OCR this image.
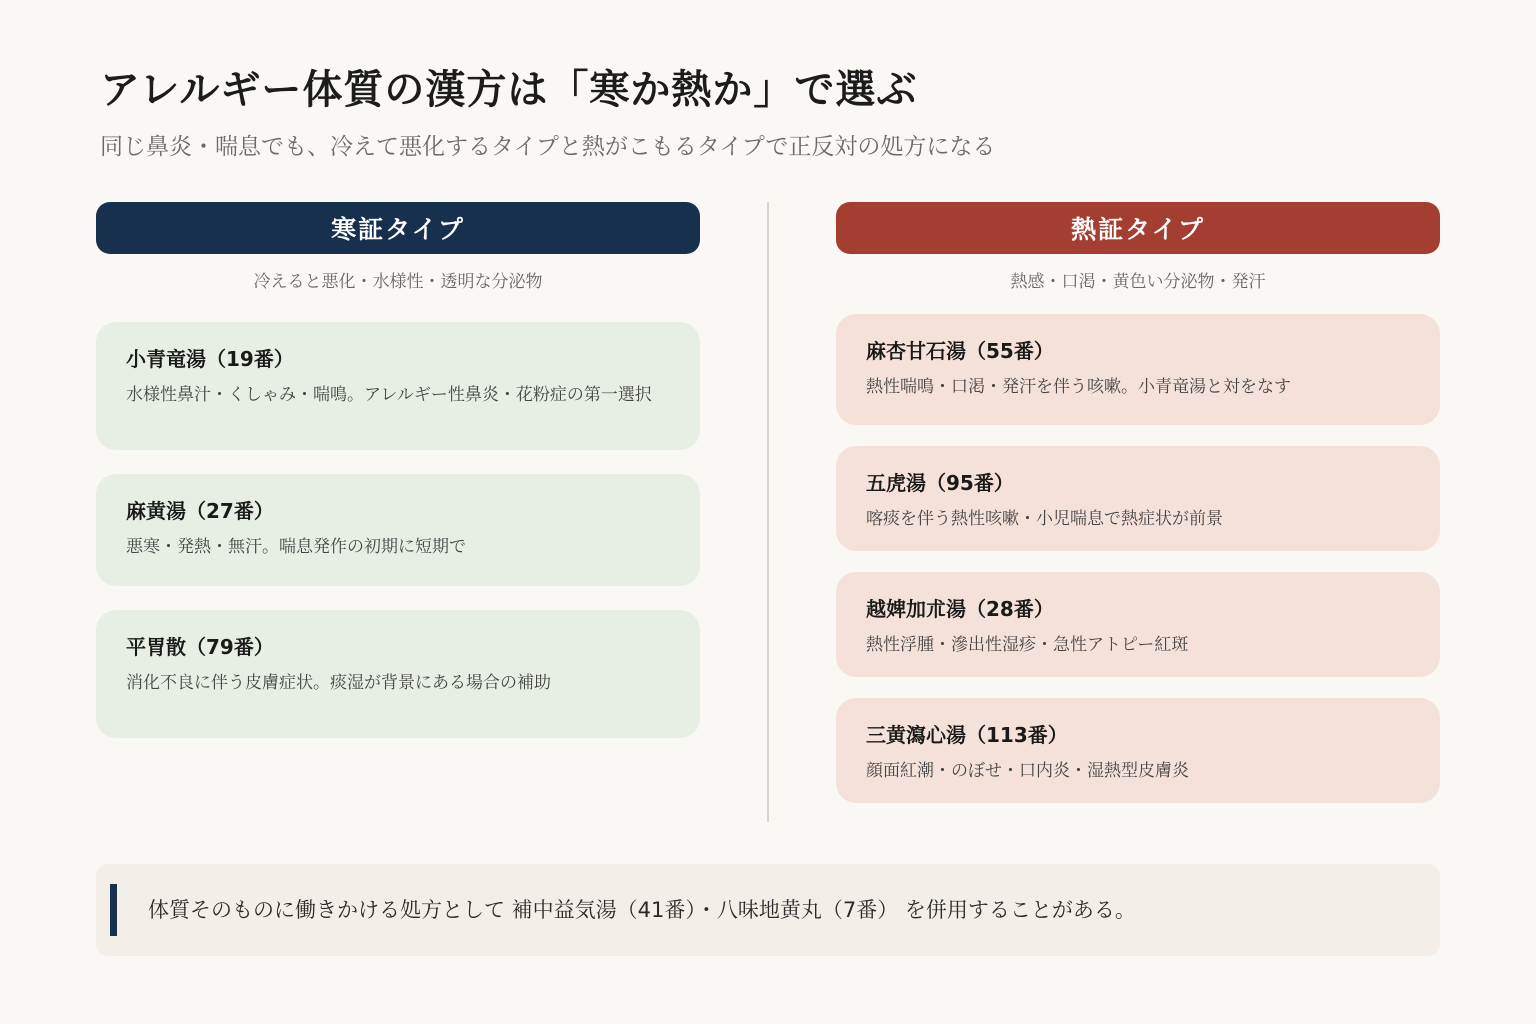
アレルギー体質の漢方は「寒か熱か」で選ぶ
同じ鼻炎・喘息でも、冷えて悪化するタイプと熱がこもるタイプで正反対の処方になる
寒証タイプ
冷えると悪化・水様性・透明な分泌物
小青竜湯（19番）
水様性鼻汁・くしゃみ・喘鳴。アレルギー性鼻炎・花粉症の第一選択
麻黄湯（27番）
悪寒・発熱・無汗。喘息発作の初期に短期で
平胃散（79番）
消化不良に伴う皮膚症状。痰湿が背景にある場合の補助
熱証タイプ
熱感・口渇・黄色い分泌物・発汗
麻杏甘石湯（55番）
熱性喘鳴・口渇・発汗を伴う咳嗽。小青竜湯と対をなす
五虎湯（95番）
喀痰を伴う熱性咳嗽・小児喘息で熱症状が前景
越婢加朮湯（28番）
熱性浮腫・滲出性湿疹・急性アトピー紅斑
三黄瀉心湯（113番）
顔面紅潮・のぼせ・口内炎・湿熱型皮膚炎
体質そのものに働きかける処方として 補中益気湯（41番）・八味地黄丸（7番） を併用することがある。
